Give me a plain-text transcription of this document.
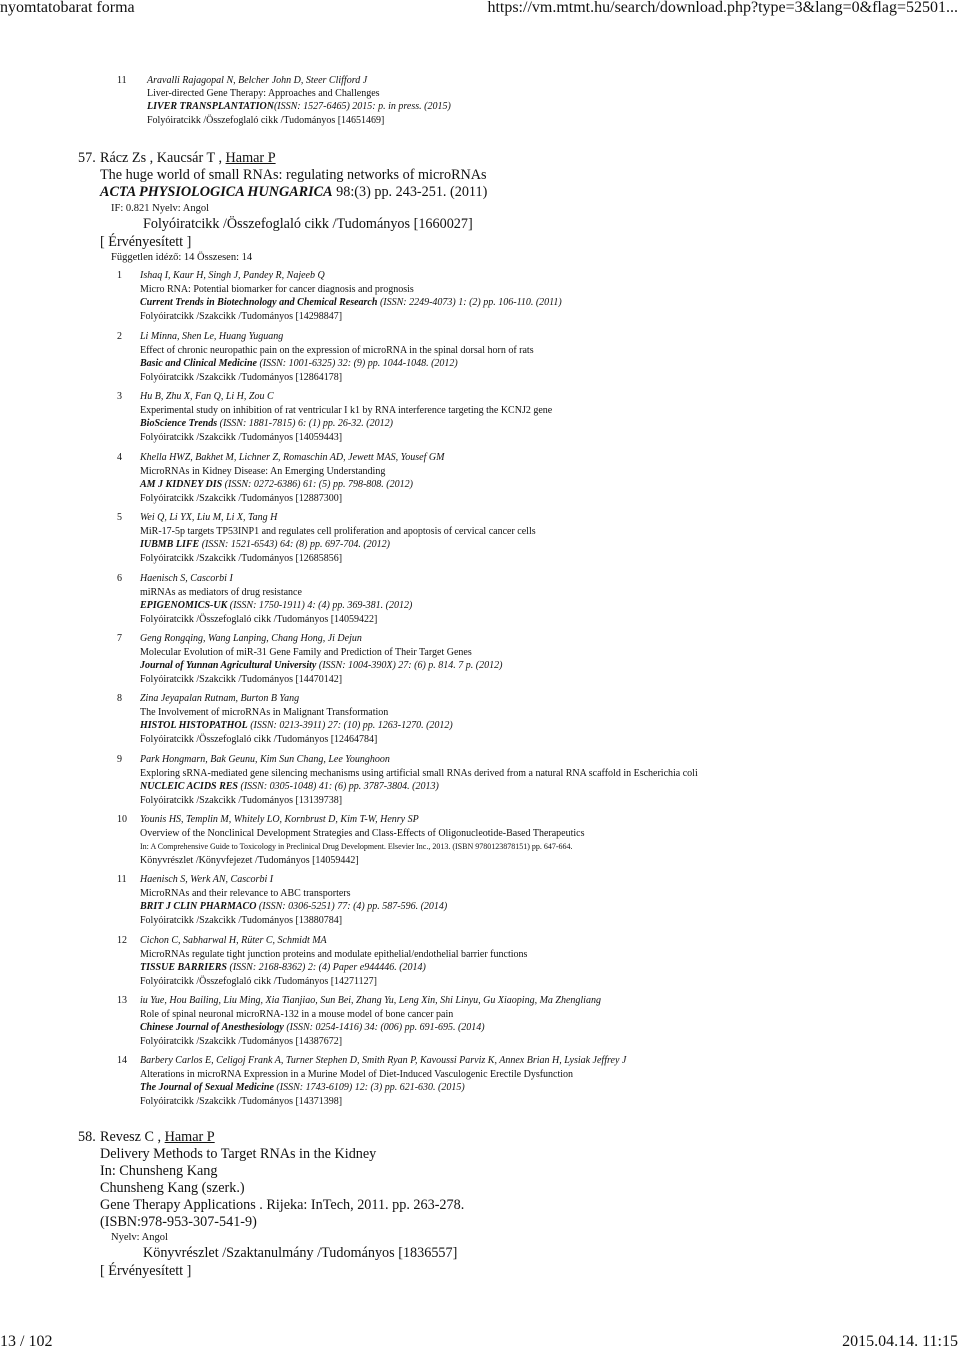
nyomtatobarat forma	https://vm.mtmt.hu/search/download.php?type=3&lang=0&flag=52501...
11 Aravalli Rajagopal N, Belcher John D, Steer Clifford J
Liver-directed Gene Therapy: Approaches and Challenges
LIVER TRANSPLANTATION(ISSN: 1527-6465) 2015: p. in press. (2015)
Folyóiratcikk /Összefoglaló cikk /Tudományos [14651469]
57. Rácz Zs , Kaucsár T , Hamar P
The huge world of small RNAs: regulating networks of microRNAs
ACTA PHYSIOLOGICA HUNGARICA 98:(3) pp. 243-251. (2011)
IF: 0.821 Nyelv: Angol
Folyóiratcikk /Összefoglaló cikk /Tudományos [1660027]
[ Érvényesített ]
Független idéző: 14 Összesen: 14
1	Ishaq I, Kaur H, Singh J, Pandey R, Najeeb Q
Micro RNA: Potential biomarker for cancer diagnosis and prognosis
Current Trends in Biotechnology and Chemical Research (ISSN: 2249-4073) 1: (2) pp. 106-110. (2011)
Folyóiratcikk /Szakcikk /Tudományos [14298847]
2	Li Minna, Shen Le, Huang Yuguang
Effect of chronic neuropathic pain on the expression of microRNA in the spinal dorsal horn of rats
Basic and Clinical Medicine (ISSN: 1001-6325) 32: (9) pp. 1044-1048. (2012)
Folyóiratcikk /Szakcikk /Tudományos [12864178]
3	Hu B, Zhu X, Fan Q, Li H, Zou C
Experimental study on inhibition of rat ventricular I k1 by RNA interference targeting the KCNJ2 gene
BioScience Trends (ISSN: 1881-7815) 6: (1) pp. 26-32. (2012)
Folyóiratcikk /Szakcikk /Tudományos [14059443]
4	Khella HWZ, Bakhet M, Lichner Z, Romaschin AD, Jewett MAS, Yousef GM
MicroRNAs in Kidney Disease: An Emerging Understanding
AM J KIDNEY DIS (ISSN: 0272-6386) 61: (5) pp. 798-808. (2012)
Folyóiratcikk /Szakcikk /Tudományos [12887300]
5	Wei Q, Li YX, Liu M, Li X, Tang H
MiR-17-5p targets TP53INP1 and regulates cell proliferation and apoptosis of cervical cancer cells
IUBMB LIFE (ISSN: 1521-6543) 64: (8) pp. 697-704. (2012)
Folyóiratcikk /Szakcikk /Tudományos [12685856]
6	Haenisch S, Cascorbi I
miRNAs as mediators of drug resistance
EPIGENOMICS-UK (ISSN: 1750-1911) 4: (4) pp. 369-381. (2012)
Folyóiratcikk /Összefoglaló cikk /Tudományos [14059422]
7	Geng Rongqing, Wang Lanping, Chang Hong, Ji Dejun
Molecular Evolution of miR-31 Gene Family and Prediction of Their Target Genes
Journal of Yunnan Agricultural University (ISSN: 1004-390X) 27: (6) p. 814. 7 p. (2012)
Folyóiratcikk /Szakcikk /Tudományos [14470142]
8	Zina Jeyapalan Rutnam, Burton B Yang
The Involvement of microRNAs in Malignant Transformation
HISTOL HISTOPATHOL (ISSN: 0213-3911) 27: (10) pp. 1263-1270. (2012)
Folyóiratcikk /Összefoglaló cikk /Tudományos [12464784]
9	Park Hongmarn, Bak Geunu, Kim Sun Chang, Lee Younghoon
Exploring sRNA-mediated gene silencing mechanisms using artificial small RNAs derived from a natural RNA scaffold in Escherichia coli
NUCLEIC ACIDS RES (ISSN: 0305-1048) 41: (6) pp. 3787-3804. (2013)
Folyóiratcikk /Szakcikk /Tudományos [13139738]
10	Younis HS, Templin M, Whitely LO, Kornbrust D, Kim T-W, Henry SP
Overview of the Nonclinical Development Strategies and Class-Effects of Oligonucleotide-Based Therapeutics
In: A Comprehensive Guide to Toxicology in Preclinical Drug Development. Elsevier Inc., 2013. (ISBN 9780123878151) pp. 647-664.
Könyvrészlet /Könyvfejezet /Tudományos [14059442]
11	Haenisch S, Werk AN, Cascorbi I
MicroRNAs and their relevance to ABC transporters
BRIT J CLIN PHARMACO (ISSN: 0306-5251) 77: (4) pp. 587-596. (2014)
Folyóiratcikk /Szakcikk /Tudományos [13880784]
12	Cichon C, Sabharwal H, Rüter C, Schmidt MA
MicroRNAs regulate tight junction proteins and modulate epithelial/endothelial barrier functions
TISSUE BARRIERS (ISSN: 2168-8362) 2: (4) Paper e944446. (2014)
Folyóiratcikk /Összefoglaló cikk /Tudományos [14271127]
13	iu Yue, Hou Bailing, Liu Ming, Xia Tianjiao, Sun Bei, Zhang Yu, Leng Xin, Shi Linyu, Gu Xiaoping, Ma Zhengliang
Role of spinal neuronal microRNA-132 in a mouse model of bone cancer pain
Chinese Journal of Anesthesiology (ISSN: 0254-1416) 34: (006) pp. 691-695. (2014)
Folyóiratcikk /Szakcikk /Tudományos [14387672]
14	Barbery Carlos E, Celigoj Frank A, Turner Stephen D, Smith Ryan P, Kavoussi Parviz K, Annex Brian H, Lysiak Jeffrey J
Alterations in microRNA Expression in a Murine Model of Diet-Induced Vasculogenic Erectile Dysfunction
The Journal of Sexual Medicine (ISSN: 1743-6109) 12: (3) pp. 621-630. (2015)
Folyóiratcikk /Szakcikk /Tudományos [14371398]
58. Revesz C , Hamar P
Delivery Methods to Target RNAs in the Kidney
In: Chunsheng Kang
Chunsheng Kang (szerk.)
Gene Therapy Applications . Rijeka: InTech, 2011. pp. 263-278.
(ISBN:978-953-307-541-9)
Nyelv: Angol
Könyvrészlet /Szaktanulmány /Tudományos [1836557]
[ Érvényesített ]
13 / 102	2015.04.14. 11:15
